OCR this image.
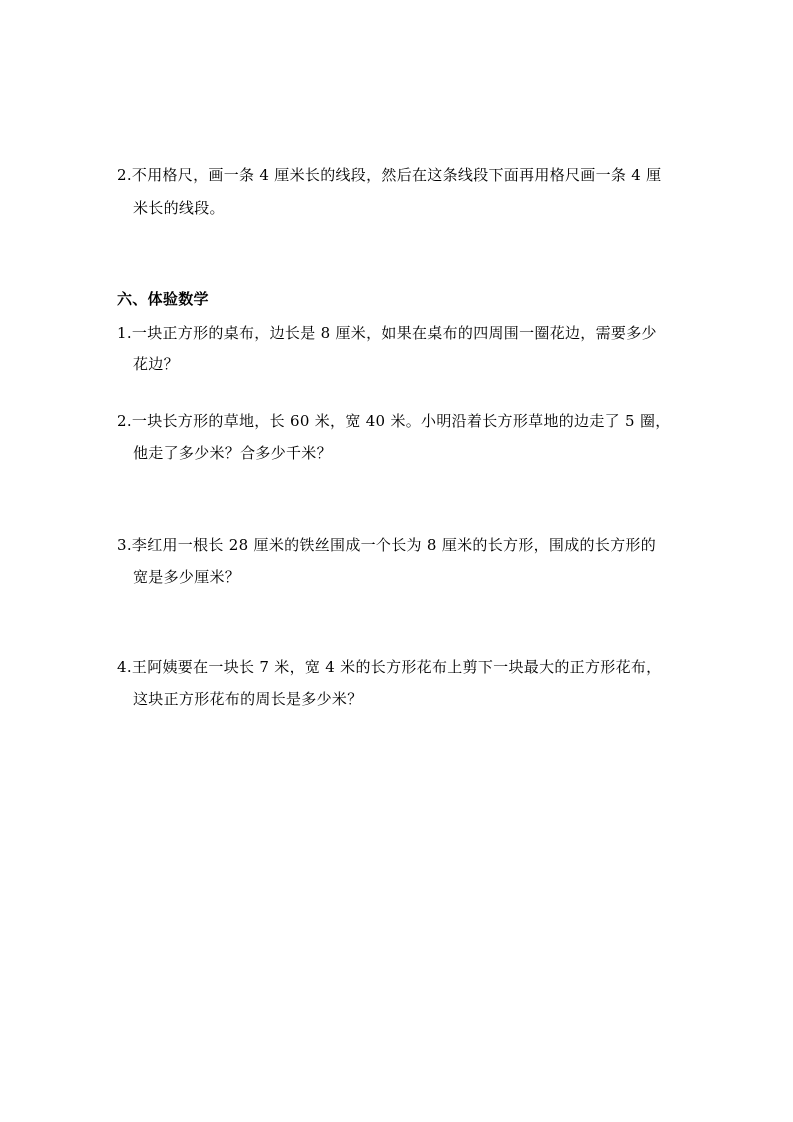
2.不用格尺，画一条 4 厘米长的线段，然后在这条线段下面再用格尺画一条 4 厘
米长的线段。
六、体验数学
1.一块正方形的桌布，边长是 8 厘米，如果在桌布的四周围一圈花边，需要多少
花边？
2.一块长方形的草地，长 60 米，宽 40 米。小明沿着长方形草地的边走了 5 圈，
他走了多少米？合多少千米？
3.李红用一根长 28 厘米的铁丝围成一个长为 8 厘米的长方形，围成的长方形的
宽是多少厘米？
4.王阿姨要在一块长 7 米，宽 4 米的长方形花布上剪下一块最大的正方形花布，
这块正方形花布的周长是多少米？
